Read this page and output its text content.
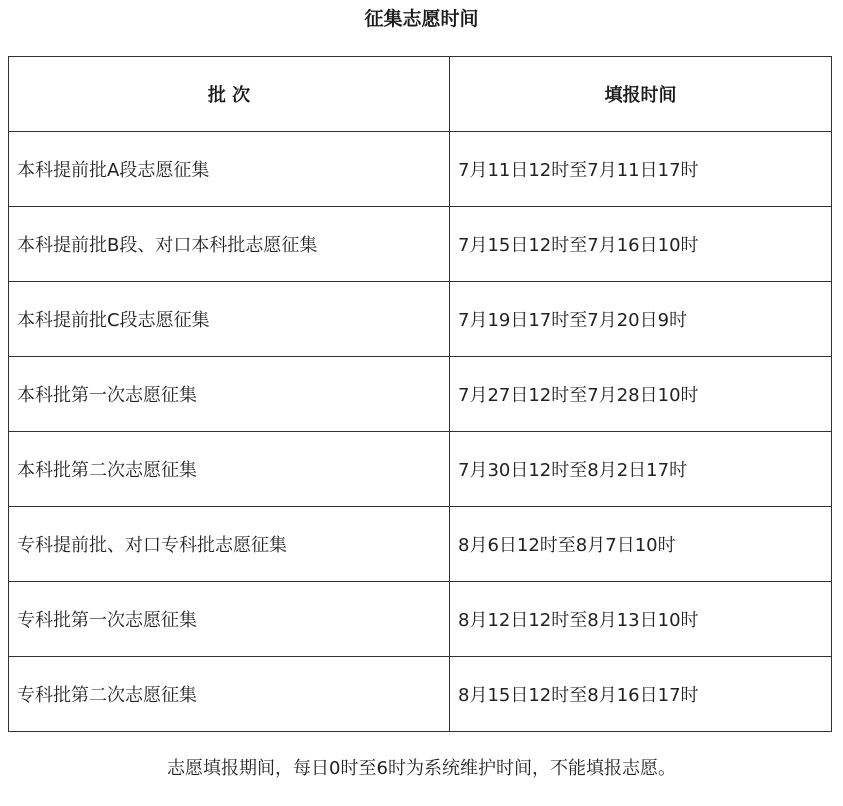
征集志愿时间
批 次	填报时间
本科提前批A段志愿征集	7月11日12时至7月11日17时
本科提前批B段、对口本科批志愿征集	7月15日12时至7月16日10时
本科提前批C段志愿征集	7月19日17时至7月20日9时
本科批第一次志愿征集	7月27日12时至7月28日10时
本科批第二次志愿征集	7月30日12时至8月2日17时
专科提前批、对口专科批志愿征集	8月6日12时至8月7日10时
专科批第一次志愿征集	8月12日12时至8月13日10时
专科批第二次志愿征集	8月15日12时至8月16日17时
志愿填报期间，每日0时至6时为系统维护时间，不能填报志愿。
